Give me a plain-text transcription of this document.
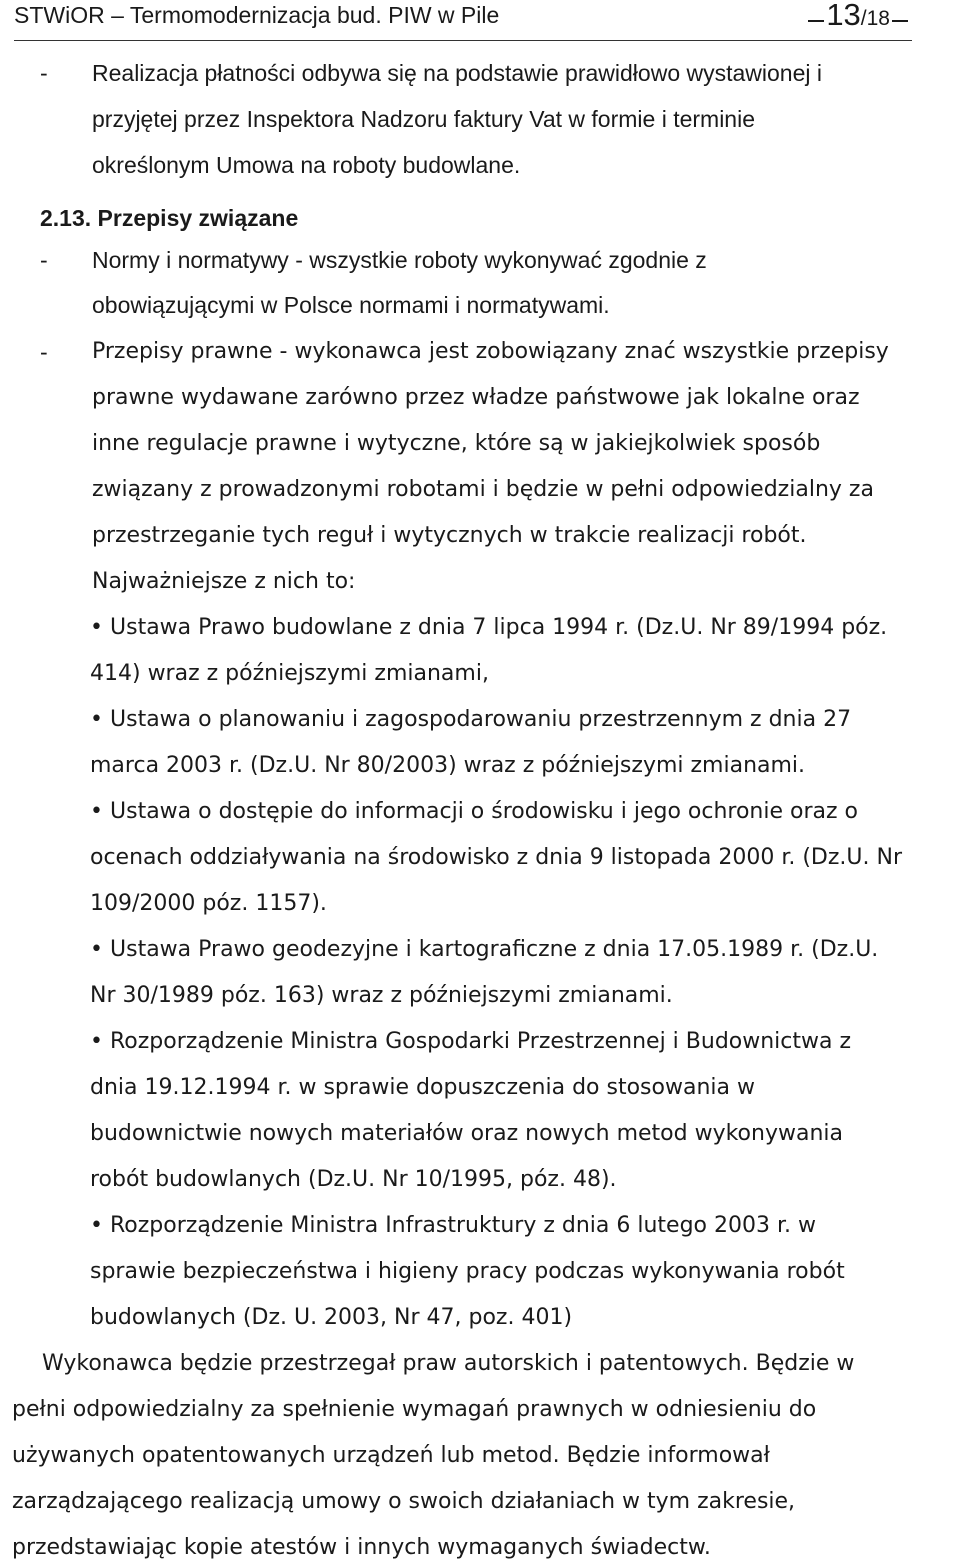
STWiOR – Termomodernizacja bud. PIW w Pile	13/18
- Realizacja płatności odbywa się na podstawie prawidłowo wystawionej i
przyjętej przez Inspektora Nadzoru faktury Vat w formie i terminie
określonym Umowa na roboty budowlane.
2.13. Przepisy związane
- Normy i normatywy - wszystkie roboty wykonywać zgodnie z
obowiązującymi w Polsce normami i normatywami.
- Przepisy prawne - wykonawca jest zobowiązany znać wszystkie przepisy
prawne wydawane zarówno przez władze państwowe jak lokalne oraz
inne regulacje prawne i wytyczne, które są w jakiejkolwiek sposób
związany z prowadzonymi robotami i będzie w pełni odpowiedzialny za
przestrzeganie tych reguł i wytycznych w trakcie realizacji robót.
Najważniejsze z nich to:
• Ustawa Prawo budowlane z dnia 7 lipca 1994 r. (Dz.U. Nr 89/1994 póz.
414) wraz z późniejszymi zmianami,
• Ustawa o planowaniu i zagospodarowaniu przestrzennym z dnia 27
marca 2003 r. (Dz.U. Nr 80/2003) wraz z późniejszymi zmianami.
• Ustawa o dostępie do informacji o środowisku i jego ochronie oraz o
ocenach oddziaływania na środowisko z dnia 9 listopada 2000 r. (Dz.U. Nr
109/2000 póz. 1157).
• Ustawa Prawo geodezyjne i kartograficzne z dnia 17.05.1989 r. (Dz.U.
Nr 30/1989 póz. 163) wraz z późniejszymi zmianami.
• Rozporządzenie Ministra Gospodarki Przestrzennej i Budownictwa z
dnia 19.12.1994 r. w sprawie dopuszczenia do stosowania w
budownictwie nowych materiałów oraz nowych metod wykonywania
robót budowlanych (Dz.U. Nr 10/1995, póz. 48).
• Rozporządzenie Ministra Infrastruktury z dnia 6 lutego 2003 r. w
sprawie bezpieczeństwa i higieny pracy podczas wykonywania robót
budowlanych (Dz. U. 2003, Nr 47, poz. 401)
Wykonawca będzie przestrzegał praw autorskich i patentowych. Będzie w
pełni odpowiedzialny za spełnienie wymagań prawnych w odniesieniu do
używanych opatentowanych urządzeń lub metod. Będzie informował
zarządzającego realizacją umowy o swoich działaniach w tym zakresie,
przedstawiając kopie atestów i innych wymaganych świadectw.
